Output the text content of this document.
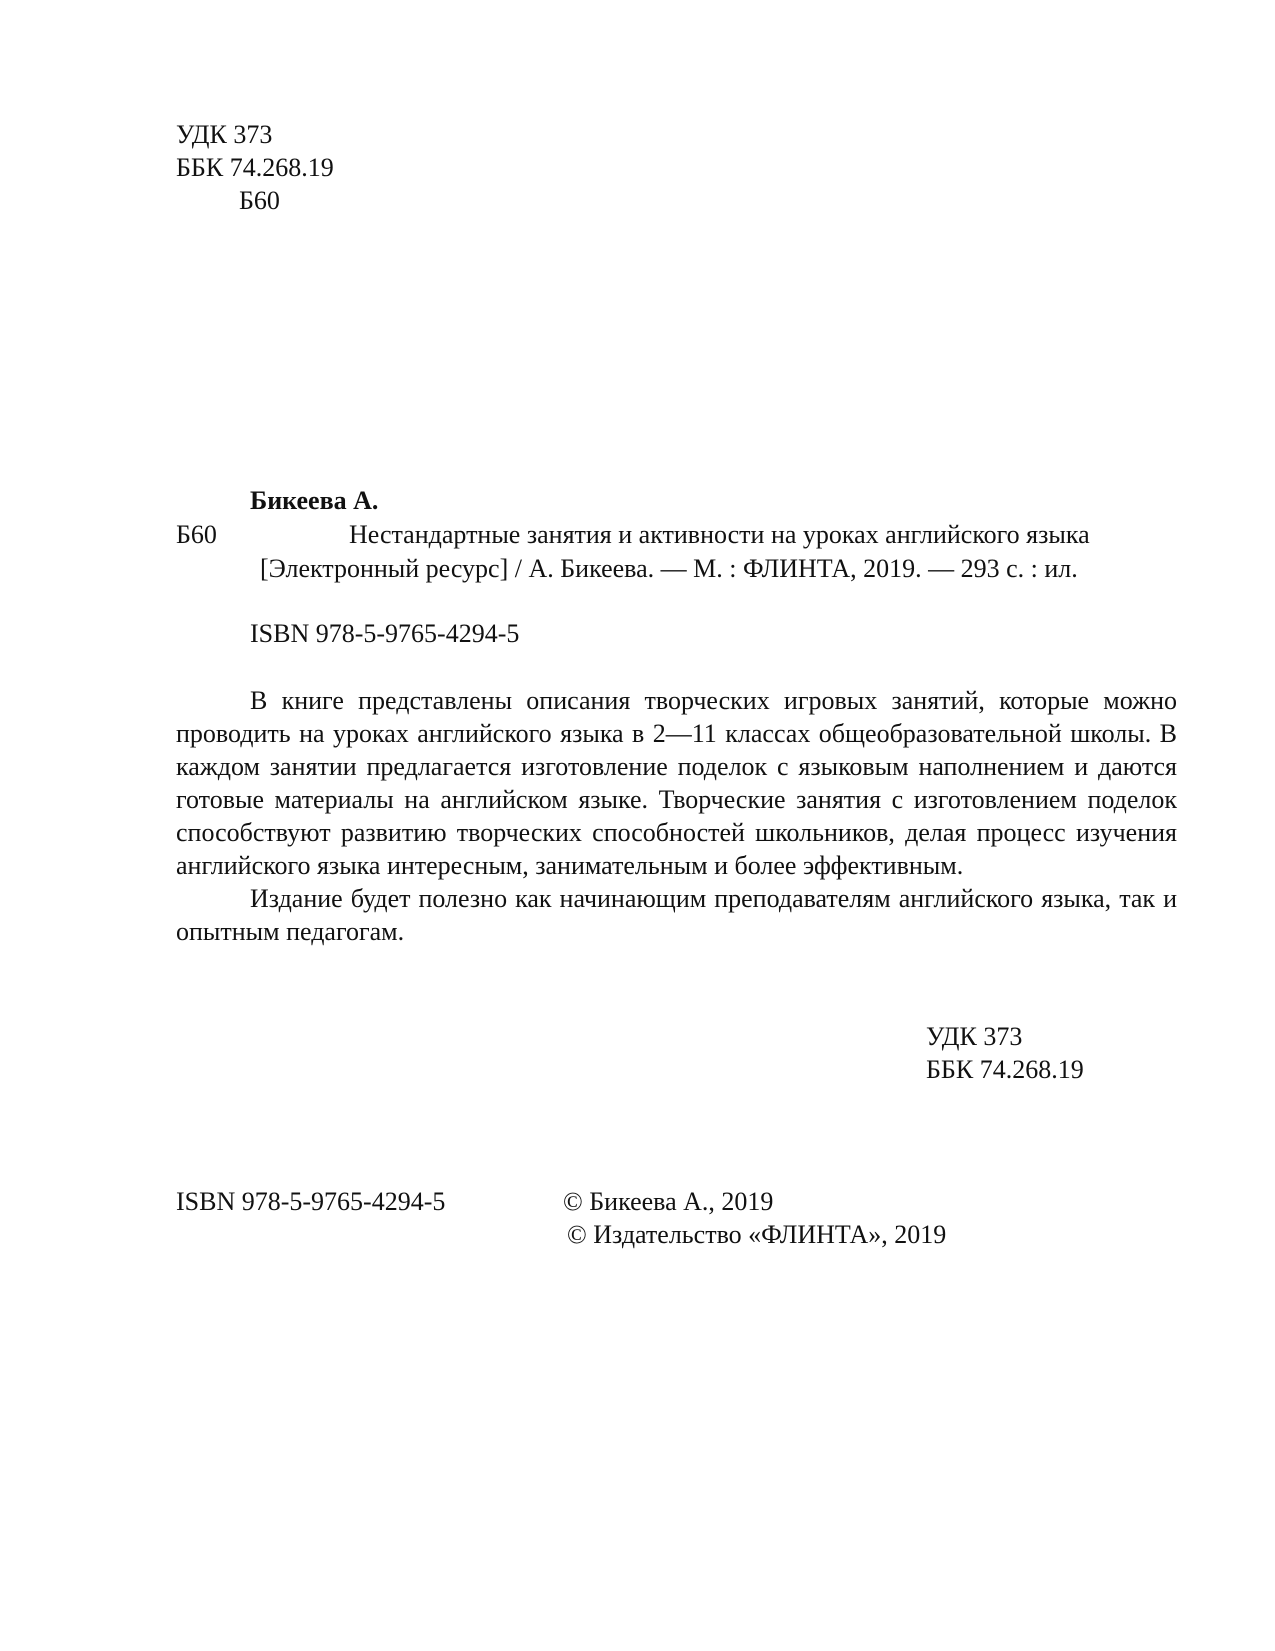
УДК 373
ББК 74.268.19
Б60
Бикеева А.
Б60	Нестандартные занятия и активности на уроках английского языка
[Электронный ресурс] / А. Бикеева. — М. : ФЛИНТА, 2019. — 293 с. : ил.
ISBN 978-5-9765-4294-5

В книге представлены описания творческих игровых занятий, которые можно проводить на уроках английского языка в 2—11 классах общеобразовательной школы. В каждом занятии предлагается изготовление поделок с языковым наполнением и даются готовые материалы на английском языке. Творческие занятия с изготовлением поделок способствуют развитию творческих способностей школьников, делая процесс изучения английского языка интересным, занимательным и более эффективным.

Издание будет полезно как начинающим преподавателям английского языка, так и опытным педагогам.

УДК 373
ББК 74.268.19
ISBN 978-5-9765-4294-5	© Бикеева А., 2019
© Издательство «ФЛИНТА», 2019
